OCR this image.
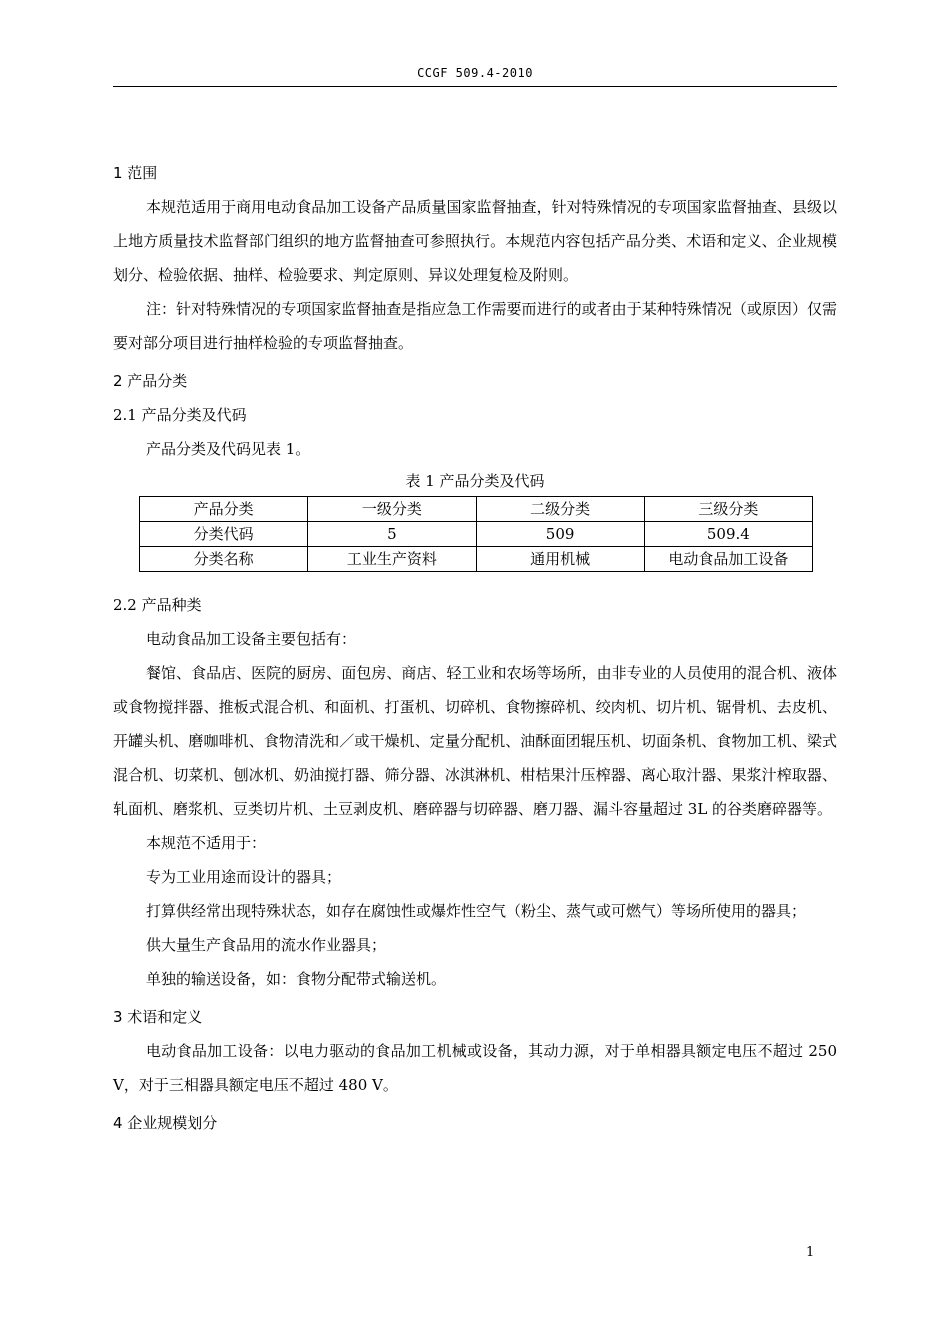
CCGF 509.4-2010
1 范围

本规范适用于商用电动食品加工设备产品质量国家监督抽查，针对特殊情况的专项国家监督抽查、县级以上地方质量技术监督部门组织的地方监督抽查可参照执行。本规范内容包括产品分类、术语和定义、企业规模划分、检验依据、抽样、检验要求、判定原则、异议处理复检及附则。

注：针对特殊情况的专项国家监督抽查是指应急工作需要而进行的或者由于某种特殊情况（或原因）仅需要对部分项目进行抽样检验的专项监督抽查。

2 产品分类
2.1 产品分类及代码

产品分类及代码见表 1。

表 1 产品分类及代码

产品分类	一级分类	二级分类	三级分类
分类代码	5	509	509.4
分类名称	工业生产资料	通用机械	电动食品加工设备
2.2 产品种类

电动食品加工设备主要包括有：

餐馆、食品店、医院的厨房、面包房、商店、轻工业和农场等场所，由非专业的人员使用的混合机、液体或食物搅拌器、推板式混合机、和面机、打蛋机、切碎机、食物擦碎机、绞肉机、切片机、锯骨机、去皮机、开罐头机、磨咖啡机、食物清洗和／或干燥机、定量分配机、油酥面团辊压机、切面条机、食物加工机、梁式混合机、切菜机、刨冰机、奶油搅打器、筛分器、冰淇淋机、柑桔果汁压榨器、离心取汁器、果浆汁榨取器、轧面机、磨浆机、豆类切片机、土豆剥皮机、磨碎器与切碎器、磨刀器、漏斗容量超过 3L 的谷类磨碎器等。

本规范不适用于：

专为工业用途而设计的器具；

打算供经常出现特殊状态，如存在腐蚀性或爆炸性空气（粉尘、蒸气或可燃气）等场所使用的器具；

供大量生产食品用的流水作业器具；

单独的输送设备，如：食物分配带式输送机。

3 术语和定义

电动食品加工设备：以电力驱动的食品加工机械或设备，其动力源，对于单相器具额定电压不超过 250 V，对于三相器具额定电压不超过 480 V。

4 企业规模划分
1
